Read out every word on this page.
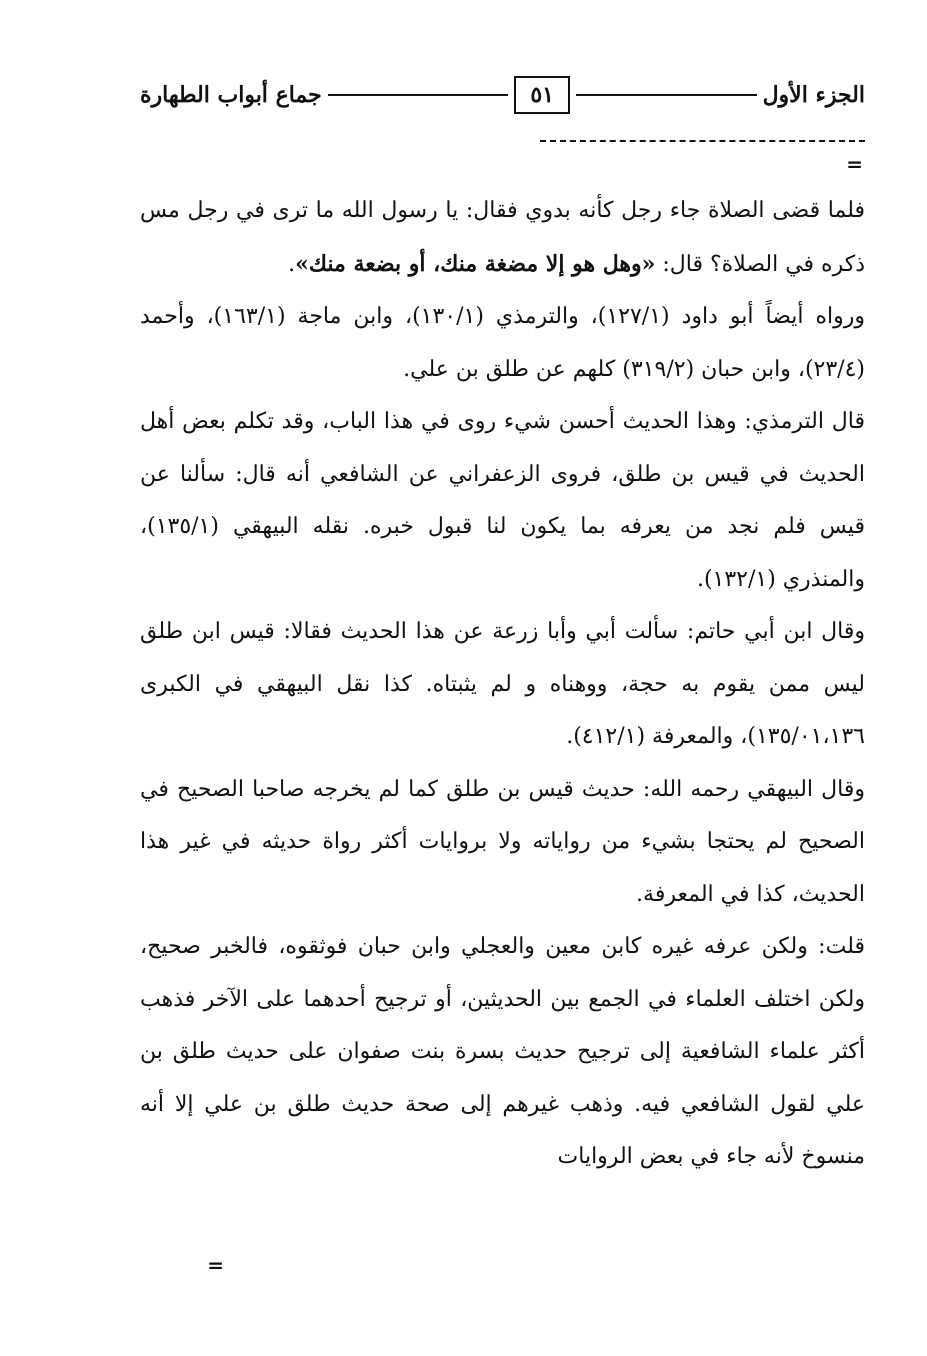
الجزء الأول
٥١
جماع أبواب الطهارة
=

فلما قضى الصلاة جاء رجل كأنه بدوي فقال: يا رسول الله ما ترى في رجل مس ذكره في الصلاة؟ قال: «وهل هو إلا مضغة منك، أو بضعة منك».

ورواه أيضاً أبو داود (١٢٧/١)، والترمذي (١٣٠/١)، وابن ماجة (١٦٣/١)، وأحمد (٢٣/٤)، وابن حبان (٣١٩/٢) كلهم عن طلق بن علي.

قال الترمذي: وهذا الحديث أحسن شيء روى في هذا الباب، وقد تكلم بعض أهل الحديث في قيس بن طلق، فروى الزعفراني عن الشافعي أنه قال: سألنا عن قيس فلم نجد من يعرفه بما يكون لنا قبول خبره. نقله البيهقي (١٣٥/١)، والمنذري (١٣٢/١).

وقال ابن أبي حاتم: سألت أبي وأبا زرعة عن هذا الحديث فقالا: قيس ابن طلق ليس ممن يقوم به حجة، ووهناه و لم يثبتاه. كذا نقل البيهقي في الكبرى ١٣٥/٠١،١٣٦)، والمعرفة (٤١٢/١).

وقال البيهقي رحمه الله: حديث قيس بن طلق كما لم يخرجه صاحبا الصحيح في الصحيح لم يحتجا بشيء من رواياته ولا بروايات أكثر رواة حديثه في غير هذا الحديث، كذا في المعرفة.

قلت: ولكن عرفه غيره كابن معين والعجلي وابن حبان فوثقوه، فالخبر صحيح، ولكن اختلف العلماء في الجمع بين الحديثين، أو ترجيح أحدهما على الآخر فذهب أكثر علماء الشافعية إلى ترجيح حديث بسرة بنت صفوان على حديث طلق بن علي لقول الشافعي فيه. وذهب غيرهم إلى صحة حديث طلق بن علي إلا أنه منسوخ لأنه جاء في بعض الروايات

=
